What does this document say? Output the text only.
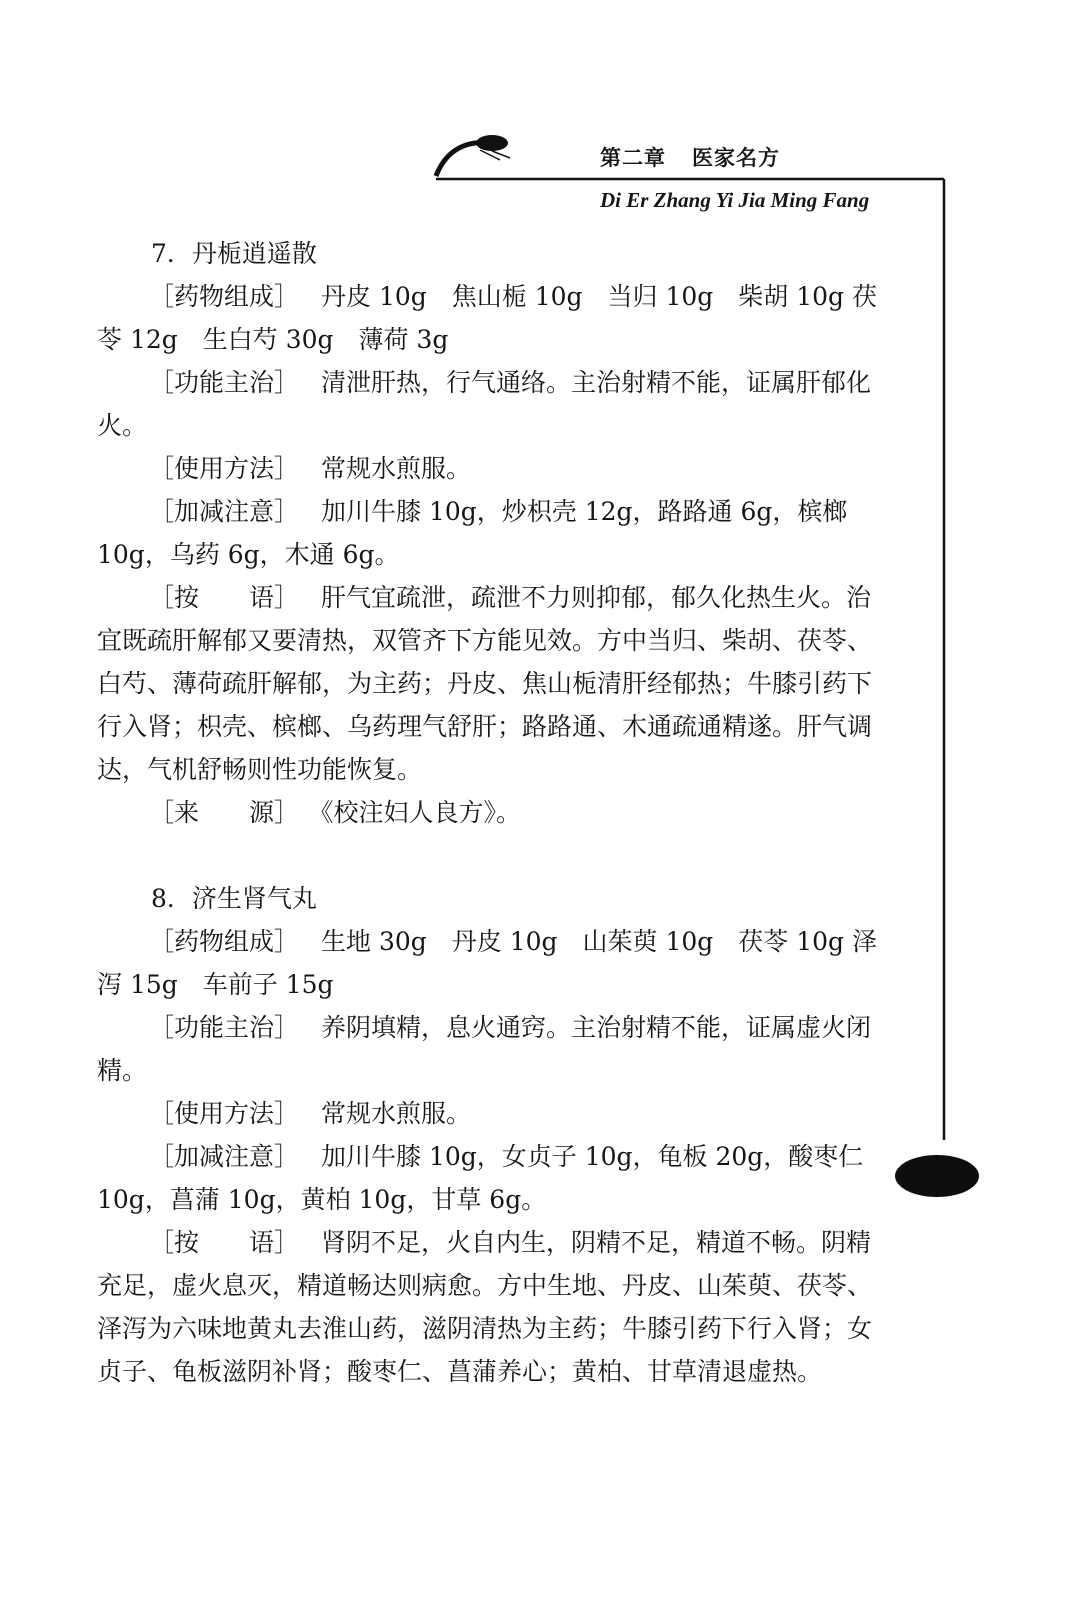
第二章 医家名方
Di Er Zhang Yi Jia Ming Fang

7．丹栀逍遥散

［药物组成］ 丹皮 10g　焦山栀 10g　当归 10g　柴胡 10g 茯苓 12g　生白芍 30g　薄荷 3g

［功能主治］ 清泄肝热，行气通络。主治射精不能，证属肝郁化火。

［使用方法］ 常规水煎服。

［加减注意］ 加川牛膝 10g，炒枳壳 12g，路路通 6g，槟榔 10g，乌药 6g，木通 6g。

［按　　语］ 肝气宜疏泄，疏泄不力则抑郁，郁久化热生火。治宜既疏肝解郁又要清热，双管齐下方能见效。方中当归、柴胡、茯苓、白芍、薄荷疏肝解郁，为主药；丹皮、焦山栀清肝经郁热；牛膝引药下行入肾；枳壳、槟榔、乌药理气舒肝；路路通、木通疏通精遂。肝气调达，气机舒畅则性功能恢复。

［来　　源］ 《校注妇人良方》。

8．济生肾气丸

［药物组成］ 生地 30g　丹皮 10g　山茱萸 10g　茯苓 10g 泽泻 15g　车前子 15g

［功能主治］ 养阴填精，息火通窍。主治射精不能，证属虚火闭精。

［使用方法］ 常规水煎服。

［加减注意］ 加川牛膝 10g，女贞子 10g，龟板 20g，酸枣仁 10g，菖蒲 10g，黄柏 10g，甘草 6g。

［按　　语］ 肾阴不足，火自内生，阴精不足，精道不畅。阴精充足，虚火息灭，精道畅达则病愈。方中生地、丹皮、山茱萸、茯苓、泽泻为六味地黄丸去淮山药，滋阴清热为主药；牛膝引药下行入肾；女贞子、龟板滋阴补肾；酸枣仁、菖蒲养心；黄柏、甘草清退虚热。
